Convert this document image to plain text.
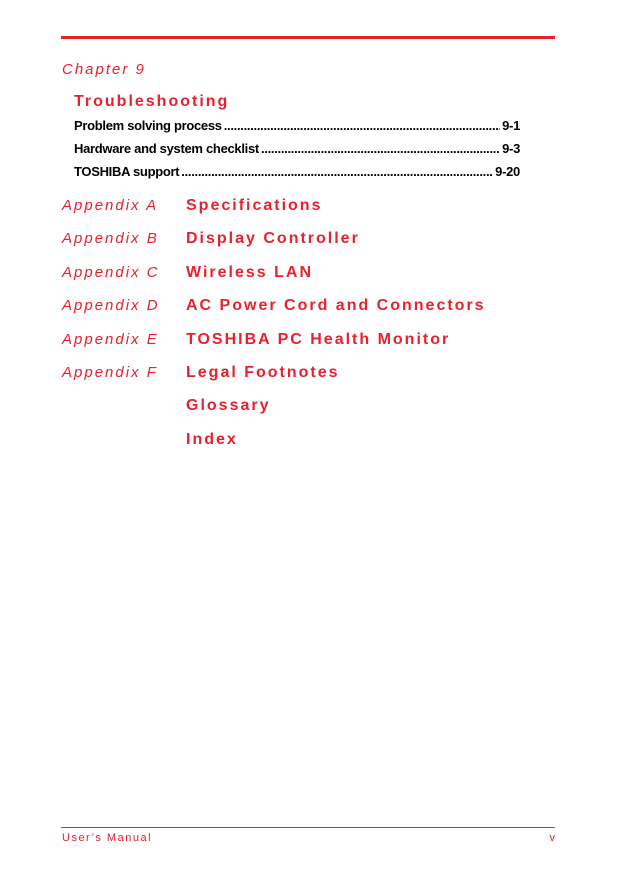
Chapter 9
Troubleshooting
Problem solving process .....	9-1
Hardware and system checklist .....	9-3
TOSHIBA support .....	9-20
Appendix A	Specifications
Appendix B	Display Controller
Appendix C	Wireless LAN
Appendix D	AC Power Cord and Connectors
Appendix E	TOSHIBA PC Health Monitor
Appendix F	Legal Footnotes
Glossary
Index
User’s Manual	v
